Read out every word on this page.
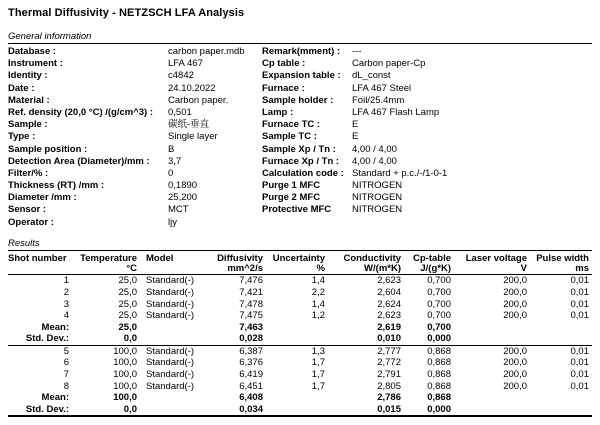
Thermal Diffusivity - NETZSCH LFA Analysis
General information
Database :	carbon paper.mdb
Instrument :	LFA 467
Identity :	c4842
Date :	24.10.2022
Material :	Carbon paper.
Ref. density (20,0 °C) /(g/cm^3) :	0,501
Sample :	碳纸-垂直
Type :	Single layer
Sample position :	B
Detection Area (Diameter)/mm :	3,7
Filter/% :	0
Thickness (RT) /mm :	0,1890
Diameter /mm :	25,200
Sensor :	MCT
Operator :	ljy
Remark(mment) :	---
Cp table :	Carbon paper-Cp
Expansion table :	dL_const
Furnace :	LFA 467 Steel
Sample holder :	Foil/25.4mm
Lamp :	LFA 467 Flash Lamp
Furnace TC :	E
Sample TC :	E
Sample Xp / Tn :	4,00 / 4,00
Furnace Xp / Tn :	4,00 / 4,00
Calculation code : Standard + p.c./-/1-0-1
Purge 1 MFC	NITROGEN
Purge 2 MFC	NITROGEN
Protective MFC	NITROGEN
Results
Shot number	Temperature	Model	Diffusivity	Uncertainty	Conductivity	Cp-table	Laser voltage	Pulse width
	°C		mm^2/s	%	W/(m*K)	J/(g*K)	V	ms
1	25,0	Standard(-)	7,476	1,4	2,623	0,700	200,0	0,01
2	25,0	Standard(-)	7,421	2,2	2,604	0,700	200,0	0,01
3	25,0	Standard(-)	7,478	1,4	2,624	0,700	200,0	0,01
4	25,0	Standard(-)	7,475	1,2	2,623	0,700	200,0	0,01
Mean:	25,0		7,463		2,619	0,700		
Std. Dev.:	0,0		0,028		0,010	0,000		
5	100,0	Standard(-)	6,387	1,3	2,777	0,868	200,0	0,01
6	100,0	Standard(-)	6,376	1,7	2,772	0,868	200,0	0,01
7	100,0	Standard(-)	6,419	1,7	2,791	0,868	200,0	0,01
8	100,0	Standard(-)	6,451	1,7	2,805	0,868	200,0	0,01
Mean:	100,0		6,408		2,786	0,868		
Std. Dev.:	0,0		0,034		0,015	0,000		
